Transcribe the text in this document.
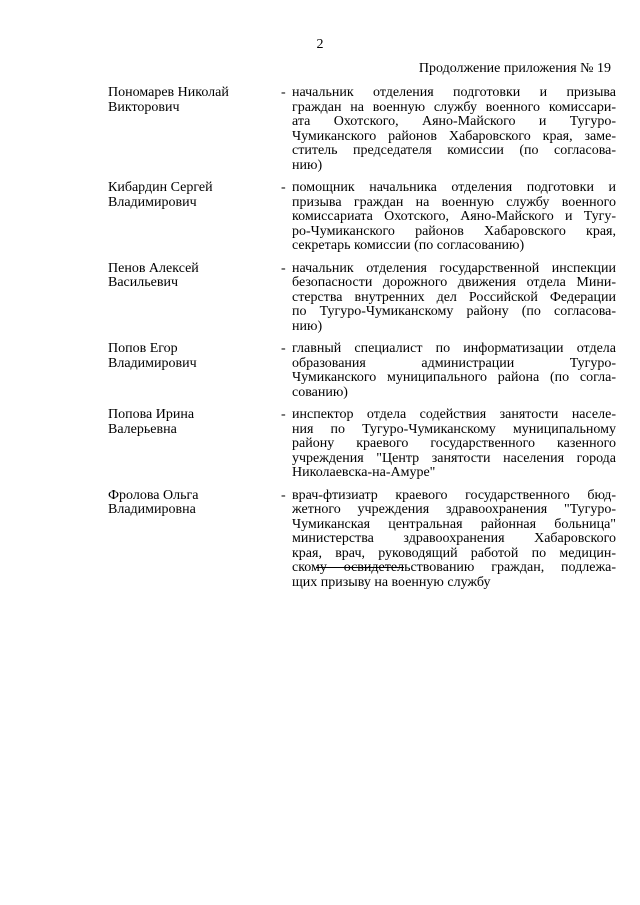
2
Продолжение приложения № 19
Пономарев Николай
Викторович
- начальник отделения подготовки и призыва
граждан на военную службу военного комиссари-
ата Охотского, Аяно-Майского и Тугуро-
Чумиканского районов Хабаровского края, заме-
ститель председателя комиссии (по согласова-
нию)
Кибардин Сергей
Владимирович
- помощник начальника отделения подготовки и
призыва граждан на военную службу военного
комиссариата Охотского, Аяно-Майского и Тугу-
ро-Чумиканского районов Хабаровского края,
секретарь комиссии (по согласованию)
Пенов Алексей
Васильевич
- начальник отделения государственной инспекции
безопасности дорожного движения отдела Мини-
стерства внутренних дел Российской Федерации
по Тугуро-Чумиканскому району (по согласова-
нию)
Попов Егор
Владимирович
- главный специалист по информатизации отдела
образования администрации Тугуро-
Чумиканского муниципального района (по согла-
сованию)
Попова Ирина
Валерьевна
- инспектор отдела содействия занятости населе-
ния по Тугуро-Чумиканскому муниципальному
району краевого государственного казенного
учреждения "Центр занятости населения города
Николаевска-на-Амуре"
Фролова Ольга
Владимировна
- врач-фтизиатр краевого государственного бюд-
жетного учреждения здравоохранения "Тугуро-
Чумиканская центральная районная больница"
министерства здравоохранения Хабаровского
края, врач, руководящий работой по медицин-
скому освидетельствованию граждан, подлежа-
щих призыву на военную службу
